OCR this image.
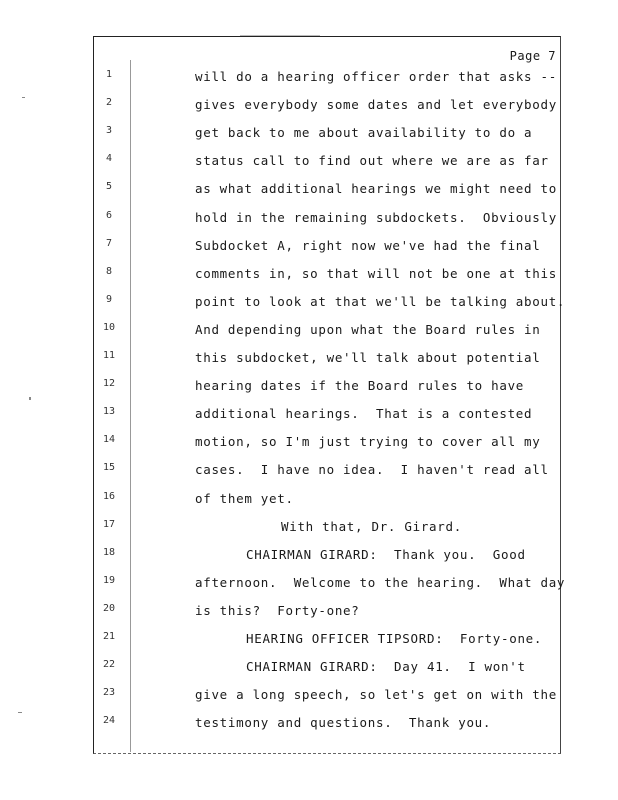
Page 7
1	will do a hearing officer order that asks --
2	gives everybody some dates and let everybody
3	get back to me about availability to do a
4	status call to find out where we are as far
5	as what additional hearings we might need to
6	hold in the remaining subdockets.  Obviously
7	Subdocket A, right now we've had the final
8	comments in, so that will not be one at this
9	point to look at that we'll be talking about.
10	And depending upon what the Board rules in
11	this subdocket, we'll talk about potential
12	hearing dates if the Board rules to have
13	additional hearings.  That is a contested
14	motion, so I'm just trying to cover all my
15	cases.  I have no idea.  I haven't read all
16	of them yet.
17	With that, Dr. Girard.
18	CHAIRMAN GIRARD:  Thank you.  Good
19	afternoon.  Welcome to the hearing.  What day
20	is this?  Forty-one?
21	HEARING OFFICER TIPSORD:  Forty-one.
22	CHAIRMAN GIRARD:  Day 41.  I won't
23	give a long speech, so let's get on with the
24	testimony and questions.  Thank you.
